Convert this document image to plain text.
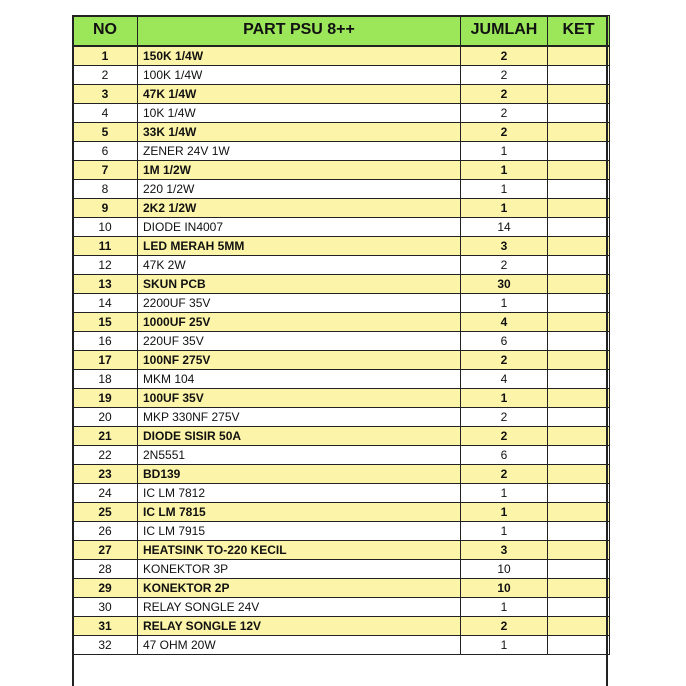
NO	PART PSU 8++	JUMLAH	KET
1	150K 1/4W	2	
2	100K 1/4W	2	
3	47K 1/4W	2	
4	10K 1/4W	2	
5	33K 1/4W	2	
6	ZENER 24V 1W	1	
7	1M 1/2W	1	
8	220 1/2W	1	
9	2K2 1/2W	1	
10	DIODE IN4007	14	
11	LED MERAH 5MM	3	
12	47K 2W	2	
13	SKUN PCB	30	
14	2200UF 35V	1	
15	1000UF 25V	4	
16	220UF 35V	6	
17	100NF 275V	2	
18	MKM 104	4	
19	100UF 35V	1	
20	MKP 330NF 275V	2	
21	DIODE SISIR 50A	2	
22	2N5551	6	
23	BD139	2	
24	IC LM 7812	1	
25	IC LM 7815	1	
26	IC LM 7915	1	
27	HEATSINK TO-220 KECIL	3	
28	KONEKTOR 3P	10	
29	KONEKTOR 2P	10	
30	RELAY SONGLE 24V	1	
31	RELAY SONGLE 12V	2	
32	47 OHM 20W	1	
